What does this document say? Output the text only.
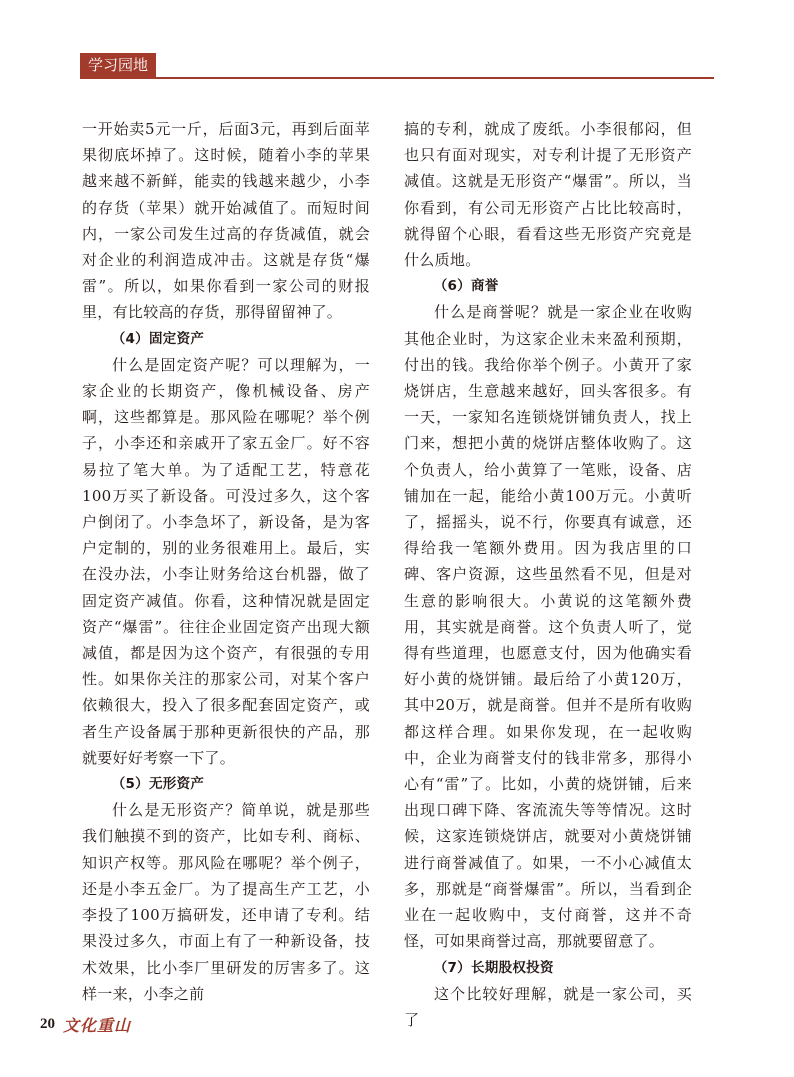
学习园地

一开始卖5元一斤，后面3元，再到后面苹果彻底坏掉了。这时候，随着小李的苹果越来越不新鲜，能卖的钱越来越少，小李的存货（苹果）就开始减值了。而短时间内，一家公司发生过高的存货减值，就会对企业的利润造成冲击。这就是存货“爆雷”。所以，如果你看到一家公司的财报里，有比较高的存货，那得留留神了。

（4）固定资产

什么是固定资产呢？可以理解为，一家企业的长期资产，像机械设备、房产啊，这些都算是。那风险在哪呢？举个例子，小李还和亲戚开了家五金厂。好不容易拉了笔大单。为了适配工艺，特意花100万买了新设备。可没过多久，这个客户倒闭了。小李急坏了，新设备，是为客户定制的，别的业务很难用上。最后，实在没办法，小李让财务给这台机器，做了固定资产减值。你看，这种情况就是固定资产“爆雷”。往往企业固定资产出现大额减值，都是因为这个资产，有很强的专用性。如果你关注的那家公司，对某个客户依赖很大，投入了很多配套固定资产，或者生产设备属于那种更新很快的产品，那就要好好考察一下了。

（5）无形资产

什么是无形资产？简单说，就是那些我们触摸不到的资产，比如专利、商标、知识产权等。那风险在哪呢？举个例子，还是小李五金厂。为了提高生产工艺，小李投了100万搞研发，还申请了专利。结果没过多久，市面上有了一种新设备，技术效果，比小李厂里研发的厉害多了。这样一来，小李之前

搞的专利，就成了废纸。小李很郁闷，但也只有面对现实，对专利计提了无形资产减值。这就是无形资产“爆雷”。所以，当你看到，有公司无形资产占比比较高时，就得留个心眼，看看这些无形资产究竟是什么质地。

（6）商誉

什么是商誉呢？就是一家企业在收购其他企业时，为这家企业未来盈利预期，付出的钱。我给你举个例子。小黄开了家烧饼店，生意越来越好，回头客很多。有一天，一家知名连锁烧饼铺负责人，找上门来，想把小黄的烧饼店整体收购了。这个负责人，给小黄算了一笔账，设备、店铺加在一起，能给小黄100万元。小黄听了，摇摇头，说不行，你要真有诚意，还得给我一笔额外费用。因为我店里的口碑、客户资源，这些虽然看不见，但是对生意的影响很大。小黄说的这笔额外费用，其实就是商誉。这个负责人听了，觉得有些道理，也愿意支付，因为他确实看好小黄的烧饼铺。最后给了小黄120万，其中20万，就是商誉。但并不是所有收购都这样合理。如果你发现，在一起收购中，企业为商誉支付的钱非常多，那得小心有“雷”了。比如，小黄的烧饼铺，后来出现口碑下降、客流流失等等情况。这时候，这家连锁烧饼店，就要对小黄烧饼铺进行商誉减值了。如果，一不小心减值太多，那就是“商誉爆雷”。所以，当看到企业在一起收购中，支付商誉，这并不奇怪，可如果商誉过高，那就要留意了。

（7）长期股权投资

这个比较好理解，就是一家公司，买了

20 文化重山
